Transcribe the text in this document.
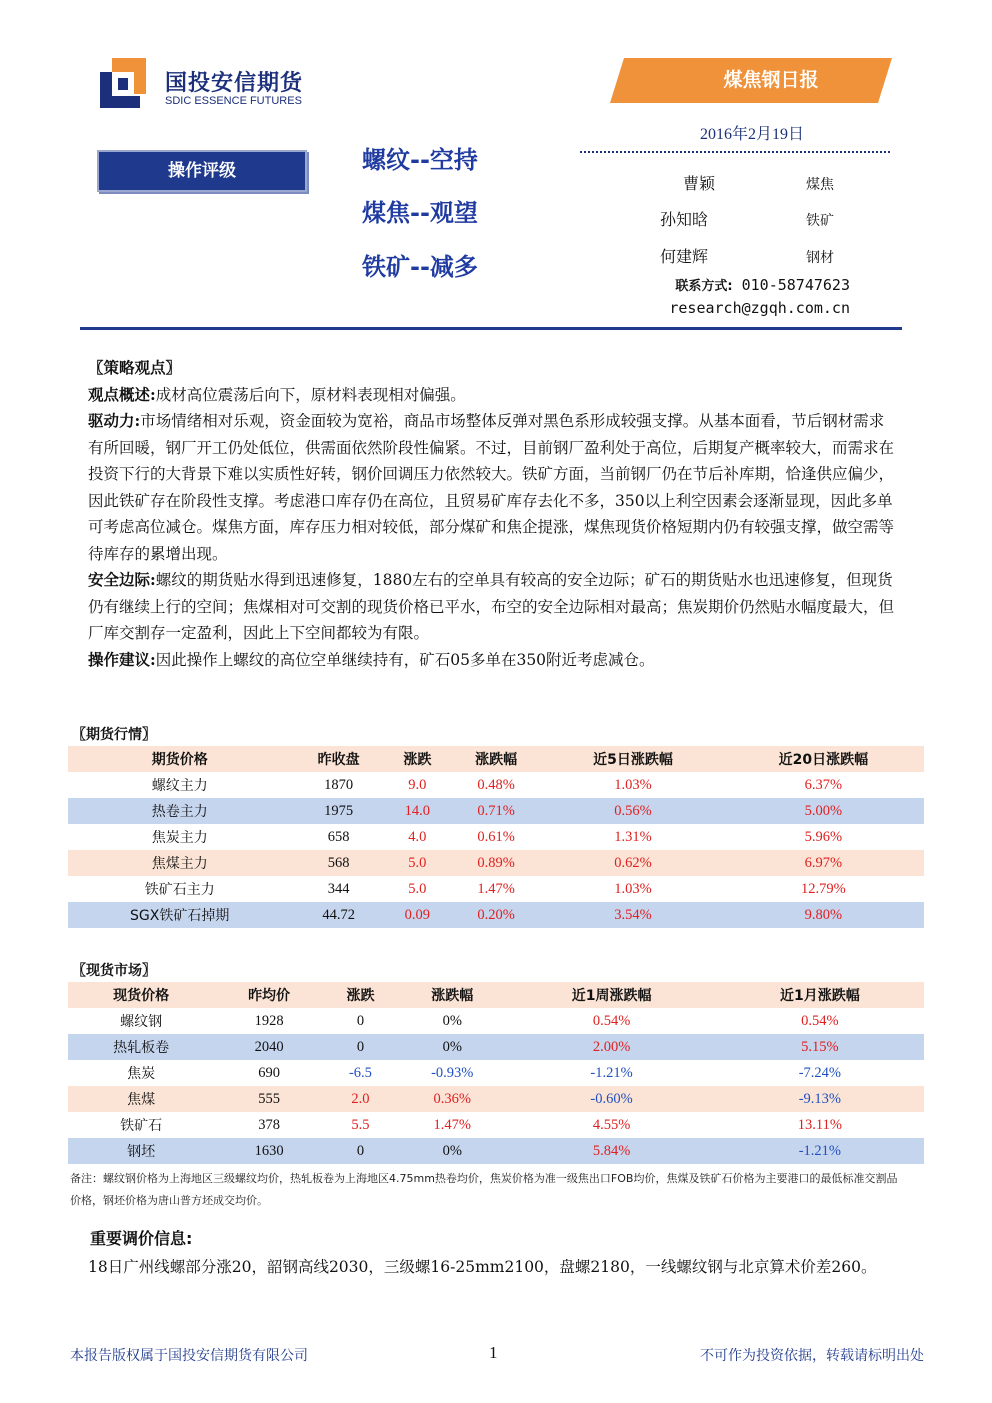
国投安信期货
SDIC ESSENCE FUTURES
煤焦钢日报
2016年2月19日
操作评级	螺纹--空持
煤焦--观望
铁矿--减多
曹颖	煤焦
孙知晗	铁矿
何建辉	钢材
联系方式: 010-58747623
research@zgqh.com.cn
〖策略观点〗
观点概述:成材高位震荡后向下，原材料表现相对偏强。
驱动力:市场情绪相对乐观，资金面较为宽裕，商品市场整体反弹对黑色系形成较强支撑。从基本面看，节后钢材需求有所回暖，钢厂开工仍处低位，供需面依然阶段性偏紧。不过，目前钢厂盈利处于高位，后期复产概率较大，而需求在投资下行的大背景下难以实质性好转，钢价回调压力依然较大。铁矿方面，当前钢厂仍在节后补库期，恰逢供应偏少，因此铁矿存在阶段性支撑。考虑港口库存仍在高位，且贸易矿库存去化不多，350以上利空因素会逐渐显现，因此多单可考虑高位减仓。煤焦方面，库存压力相对较低，部分煤矿和焦企提涨，煤焦现货价格短期内仍有较强支撑，做空需等待库存的累增出现。
安全边际:螺纹的期货贴水得到迅速修复，1880左右的空单具有较高的安全边际；矿石的期货贴水也迅速修复，但现货仍有继续上行的空间；焦煤相对可交割的现货价格已平水，布空的安全边际相对最高；焦炭期价仍然贴水幅度最大，但厂库交割存一定盈利，因此上下空间都较为有限。
操作建议:因此操作上螺纹的高位空单继续持有，矿石05多单在350附近考虑减仓。
〖期货行情〗
期货价格	昨收盘	涨跌	涨跌幅	近5日涨跌幅	近20日涨跌幅
螺纹主力	1870	9.0	0.48%	1.03%	6.37%
热卷主力	1975	14.0	0.71%	0.56%	5.00%
焦炭主力	658	4.0	0.61%	1.31%	5.96%
焦煤主力	568	5.0	0.89%	0.62%	6.97%
铁矿石主力	344	5.0	1.47%	1.03%	12.79%
SGX铁矿石掉期	44.72	0.09	0.20%	3.54%	9.80%
〖现货市场〗
现货价格	昨均价	涨跌	涨跌幅	近1周涨跌幅	近1月涨跌幅
螺纹钢	1928	0	0%	0.54%	0.54%
热轧板卷	2040	0	0%	2.00%	5.15%
焦炭	690	-6.5	-0.93%	-1.21%	-7.24%
焦煤	555	2.0	0.36%	-0.60%	-9.13%
铁矿石	378	5.5	1.47%	4.55%	13.11%
钢坯	1630	0	0%	5.84%	-1.21%
备注：螺纹钢价格为上海地区三级螺纹均价，热轧板卷为上海地区4.75mm热卷均价，焦炭价格为准一级焦出口FOB均价，焦煤及铁矿石价格为主要港口的最低标准交割品价格，钢坯价格为唐山普方坯成交均价。
重要调价信息:
18日广州线螺部分涨20，韶钢高线2030，三级螺16-25mm2100，盘螺2180，一线螺纹钢与北京算术价差260。
本报告版权属于国投安信期货有限公司	1	不可作为投资依据，转载请标明出处
